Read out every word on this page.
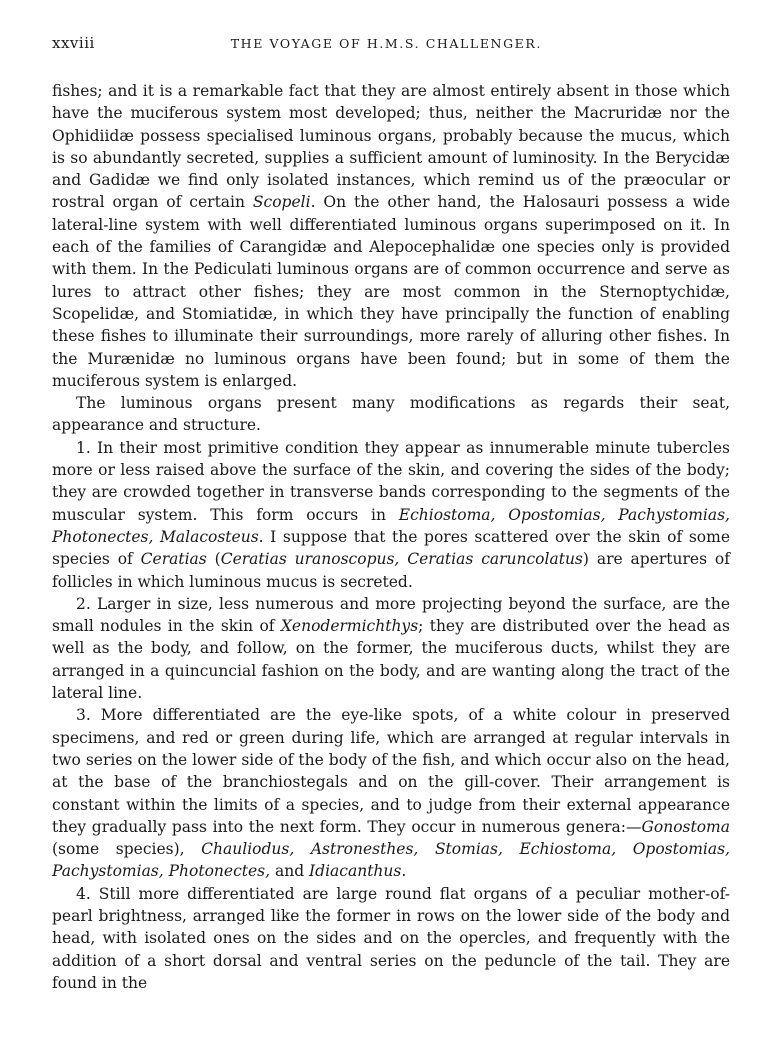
xxviii	THE VOYAGE OF H.M.S. CHALLENGER.

fishes; and it is a remarkable fact that they are almost entirely absent in those which have the muciferous system most developed; thus, neither the Macruridæ nor the Ophidiidæ possess specialised luminous organs, probably because the mucus, which is so abundantly secreted, supplies a sufficient amount of luminosity. In the Berycidæ and Gadidæ we find only isolated instances, which remind us of the præocular or rostral organ of certain Scopeli. On the other hand, the Halosauri possess a wide lateral-line system with well differentiated luminous organs superimposed on it. In each of the families of Carangidæ and Alepocephalidæ one species only is provided with them. In the Pediculati luminous organs are of common occurrence and serve as lures to attract other fishes; they are most common in the Sternoptychidæ, Scopelidæ, and Stomiatidæ, in which they have principally the function of enabling these fishes to illuminate their surroundings, more rarely of alluring other fishes. In the Murænidæ no luminous organs have been found; but in some of them the muciferous system is enlarged.

The luminous organs present many modifications as regards their seat, appearance and structure.

1. In their most primitive condition they appear as innumerable minute tubercles more or less raised above the surface of the skin, and covering the sides of the body; they are crowded together in transverse bands corresponding to the segments of the muscular system. This form occurs in Echiostoma, Opostomias, Pachystomias, Photonectes, Malacosteus. I suppose that the pores scattered over the skin of some species of Ceratias (Ceratias uranoscopus, Ceratias caruncolatus) are apertures of follicles in which luminous mucus is secreted.

2. Larger in size, less numerous and more projecting beyond the surface, are the small nodules in the skin of Xenodermichthys; they are distributed over the head as well as the body, and follow, on the former, the muciferous ducts, whilst they are arranged in a quincuncial fashion on the body, and are wanting along the tract of the lateral line.

3. More differentiated are the eye-like spots, of a white colour in preserved specimens, and red or green during life, which are arranged at regular intervals in two series on the lower side of the body of the fish, and which occur also on the head, at the base of the branchiostegals and on the gill-cover. Their arrangement is constant within the limits of a species, and to judge from their external appearance they gradually pass into the next form. They occur in numerous genera:—Gonostoma (some species), Chauliodus, Astronesthes, Stomias, Echiostoma, Opostomias, Pachystomias, Photonectes, and Idiacanthus.

4. Still more differentiated are large round flat organs of a peculiar mother-of-pearl brightness, arranged like the former in rows on the lower side of the body and head, with isolated ones on the sides and on the opercles, and frequently with the addition of a short dorsal and ventral series on the peduncle of the tail. They are found in the
